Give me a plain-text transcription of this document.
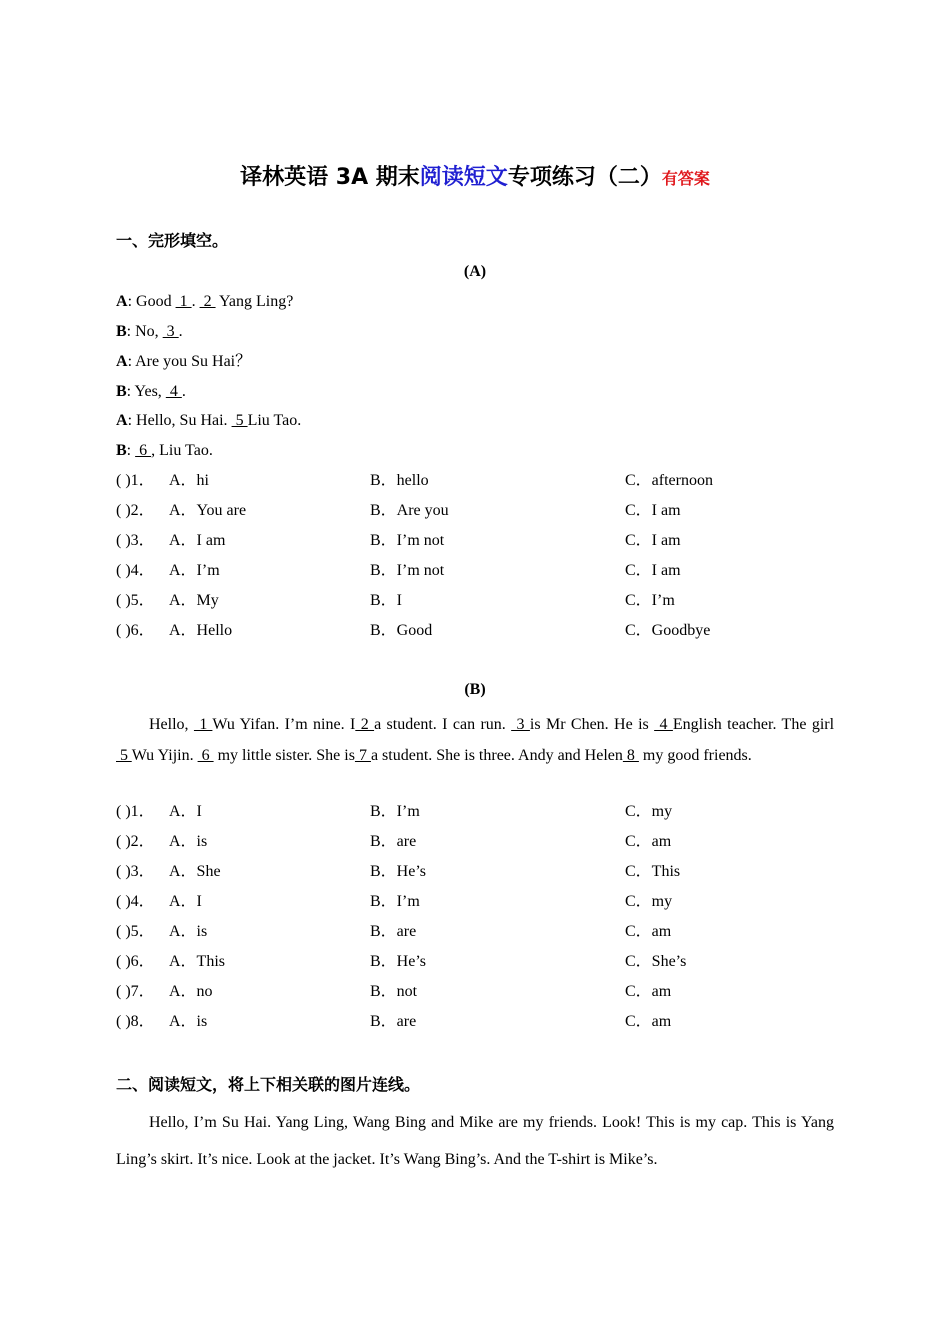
译林英语 3A 期末阅读短文专项练习（二）有答案
一、完形填空。
(A)
A: Good  1 .  2  Yang Ling?
B: No,  3 .
A: Are you Su Hai？
B: Yes,  4 .
A: Hello, Su Hai.  5 Liu Tao.
B:  6 , Liu Tao.
( )1． A．hi	B．hello	C．afternoon
( )2． A．You are	B．Are you	C．I am
( )3． A．I am	B．I’m not	C．I am
( )4． A．I’m	B．I’m not	C．I am
( )5． A．My	B．I	C．I’m
( )6． A．Hello	B．Good	C．Goodbye
(B)
Hello,  1 Wu Yifan. I’m nine. I 2 a student. I can run.  3 is Mr Chen. He is  4 English teacher. The girl 5 Wu Yijin.  6  my little sister. She is 7 a student. She is three. Andy and Helen 8  my good friends.
( )1． A．I	B．I’m	C．my
( )2． A．is	B．are	C．am
( )3． A．She	B．He’s	C．This
( )4． A．I	B．I’m	C．my
( )5． A．is	B．are	C．am
( )6． A．This	B．He’s	C．She’s
( )7． A．no	B．not	C．am
( )8． A．is	B．are	C．am
二、阅读短文，将上下相关联的图片连线。
Hello, I’m Su Hai. Yang Ling, Wang Bing and Mike are my friends. Look! This is my cap. This is Yang Ling’s skirt. It’s nice. Look at the jacket. It’s Wang Bing’s. And the T-shirt is Mike’s.
